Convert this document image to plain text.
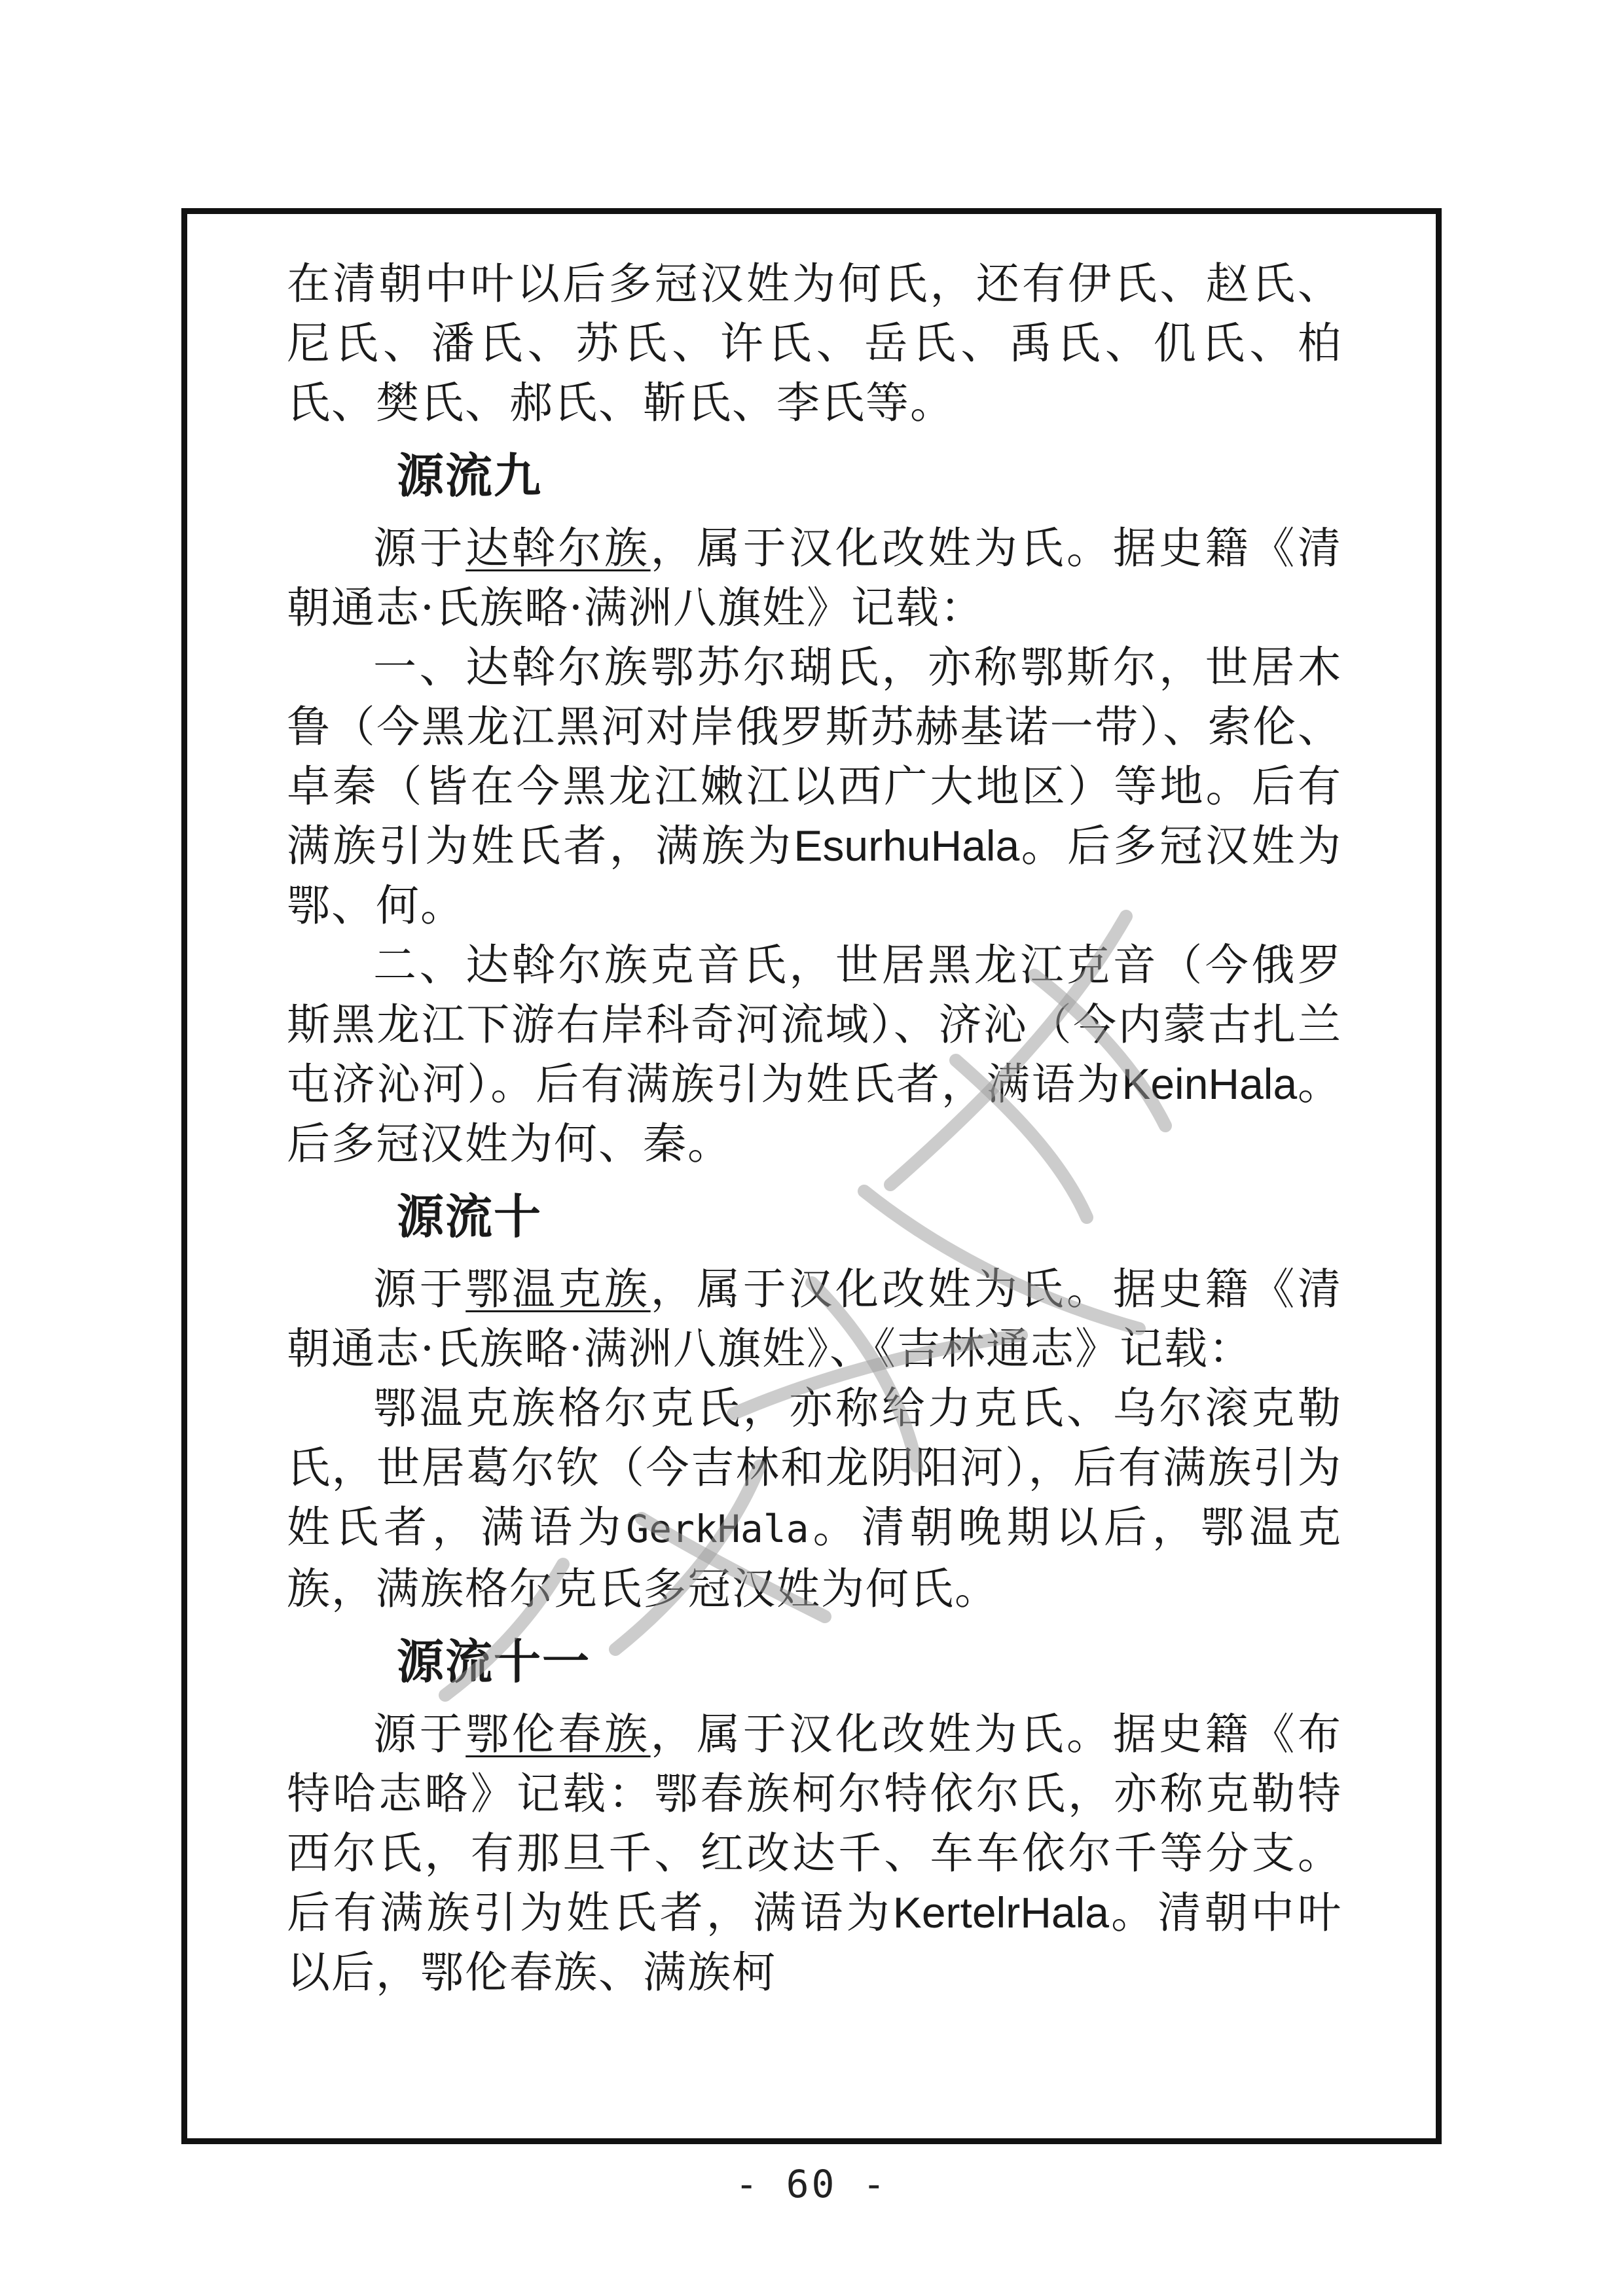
在清朝中叶以后多冠汉姓为何氏，还有伊氏、赵氏、尼氏、潘氏、苏氏、许氏、岳氏、禹氏、仉氏、柏氏、樊氏、郝氏、靳氏、李氏等。

源流九

源于达斡尔族，属于汉化改姓为氏。据史籍《清朝通志·氏族略·满洲八旗姓》记载：

一、达斡尔族鄂苏尔瑚氏，亦称鄂斯尔，世居木鲁（今黑龙江黑河对岸俄罗斯苏赫基诺一带）、索伦、卓秦（皆在今黑龙江嫩江以西广大地区）等地。后有满族引为姓氏者，满族为EsurhuHala。后多冠汉姓为鄂、何。

二、达斡尔族克音氏，世居黑龙江克音（今俄罗斯黑龙江下游右岸科奇河流域）、济沁（今内蒙古扎兰屯济沁河）。后有满族引为姓氏者，满语为KeinHala。后多冠汉姓为何、秦。

源流十

源于鄂温克族，属于汉化改姓为氏。据史籍《清朝通志·氏族略·满洲八旗姓》、《吉林通志》记载：

鄂温克族格尔克氏，亦称给力克氏、乌尔滚克勒氏，世居葛尔钦（今吉林和龙阴阳河），后有满族引为姓氏者，满语为GerkHala。清朝晚期以后，鄂温克族，满族格尔克氏多冠汉姓为何氏。

源流十一

源于鄂伦春族，属于汉化改姓为氏。据史籍《布特哈志略》记载：鄂春族柯尔特依尔氏，亦称克勒特西尔氏，有那旦千、红改达千、车车依尔千等分支。后有满族引为姓氏者，满语为KertelrHala。清朝中叶以后，鄂伦春族、满族柯

- 60 -
